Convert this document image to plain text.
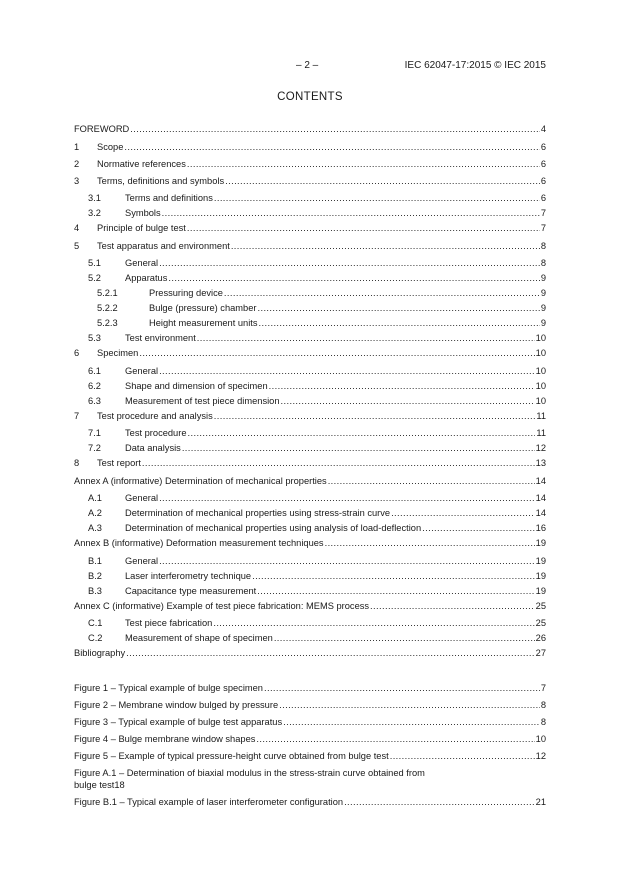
– 2 –	IEC 62047-17:2015 © IEC 2015
CONTENTS
FOREWORD .....	4
1	Scope .....	6
2	Normative references .....	6
3	Terms, definitions and symbols .....	6
3.1	Terms and definitions .....	6
3.2	Symbols .....	7
4	Principle of bulge test .....	7
5	Test apparatus and environment .....	8
5.1	General .....	8
5.2	Apparatus .....	9
5.2.1	Pressuring device .....	9
5.2.2	Bulge (pressure) chamber .....	9
5.2.3	Height measurement units .....	9
5.3	Test environment .....	10
6	Specimen .....	10
6.1	General .....	10
6.2	Shape and dimension of specimen .....	10
6.3	Measurement of test piece dimension .....	10
7	Test procedure and analysis .....	11
7.1	Test procedure .....	11
7.2	Data analysis .....	12
8	Test report .....	13
Annex A (informative) Determination of mechanical properties .....	14
A.1	General .....	14
A.2	Determination of mechanical properties using stress-strain curve .....	14
A.3	Determination of mechanical properties using analysis of load-deflection .....	16
Annex B (informative) Deformation measurement techniques .....	19
B.1	General .....	19
B.2	Laser interferometry technique .....	19
B.3	Capacitance type measurement .....	19
Annex C (informative) Example of test piece fabrication: MEMS process .....	25
C.1	Test piece fabrication .....	25
C.2	Measurement of shape of specimen .....	26
Bibliography .....	27
Figure 1 – Typical example of bulge specimen .....	7
Figure 2 – Membrane window bulged by pressure .....	8
Figure 3 – Typical example of bulge test apparatus .....	8
Figure 4 – Bulge membrane window shapes .....	10
Figure 5 – Example of typical pressure-height curve obtained from bulge test .....	12
Figure A.1 – Determination of biaxial modulus in the stress-strain curve obtained from
bulge test 18
Figure B.1 – Typical example of laser interferometer configuration .....	21
